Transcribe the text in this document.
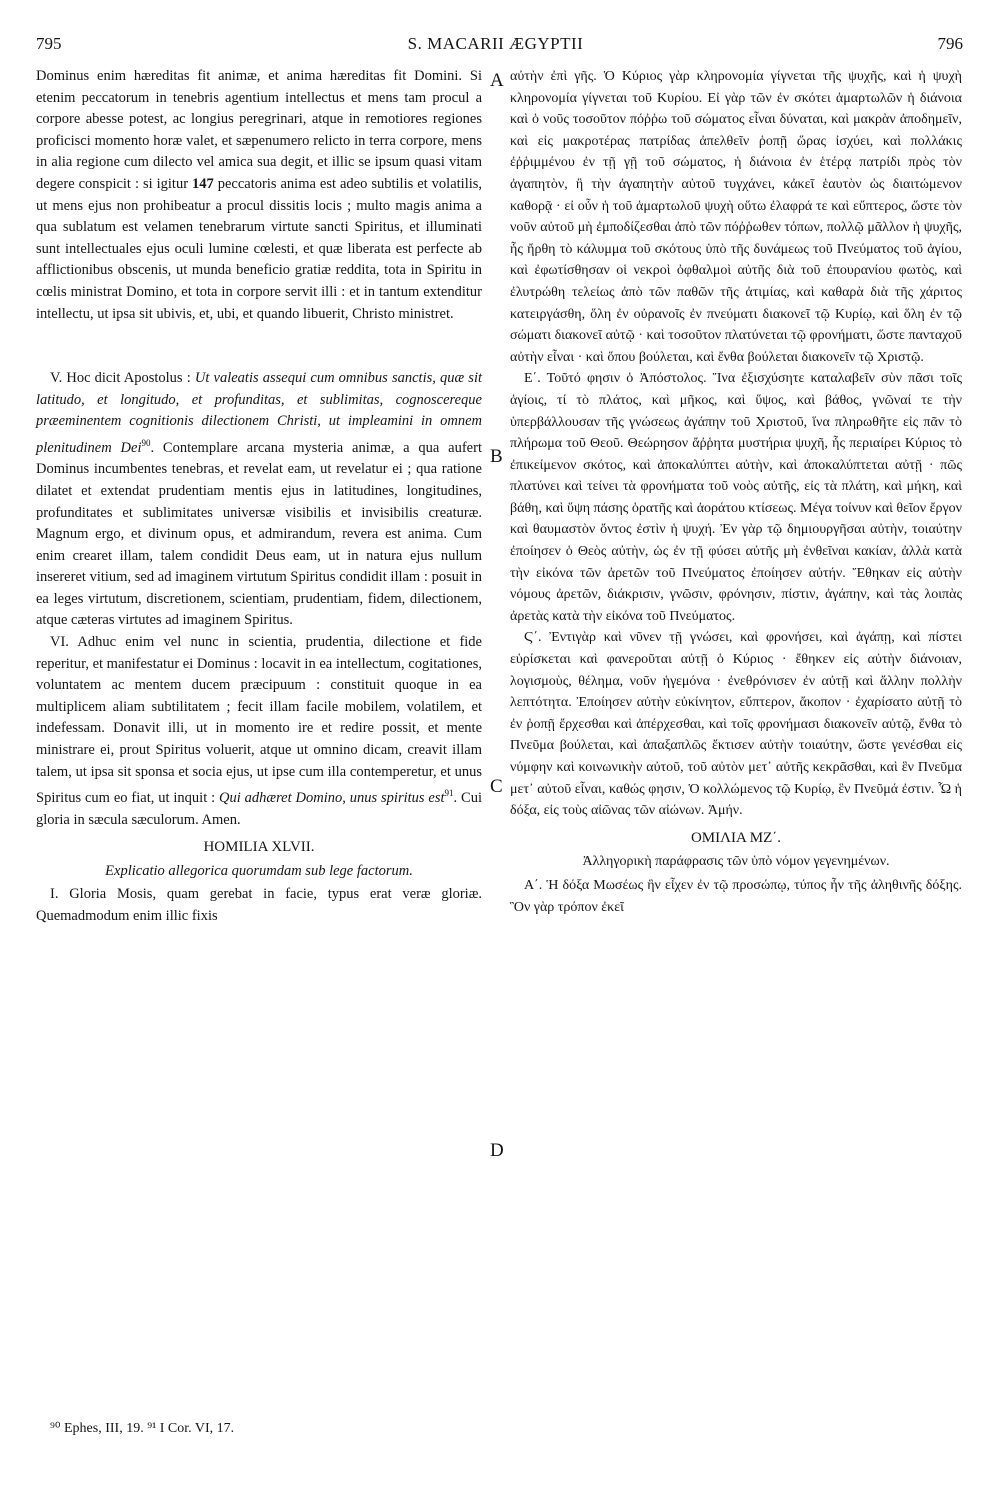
795	S. MACARII ÆGYPTII	796
A
B
C
D

Dominus enim hæreditas fit animæ, et anima hæreditas fit Domini. Si etenim peccatorum in tenebris agentium intellectus et mens tam procul a corpore abesse potest, ac longius peregrinari, atque in remotiores regiones proficisci momento horæ valet, et sæpenumero relicto in terra corpore, mens in alia regione cum dilecto vel amica sua degit, et illic se ipsum quasi vitam degere conspicit : si igitur 147 peccatoris anima est adeo subtilis et volatilis, ut mens ejus non prohibeatur a procul dissitis locis ; multo magis anima a qua sublatum est velamen tenebrarum virtute sancti Spiritus, et illuminati sunt intellectuales ejus oculi lumine cœlesti, et quæ liberata est perfecte ab afflictionibus obscenis, ut munda beneficio gratiæ reddita, tota in Spiritu in cœlis ministrat Domino, et tota in corpore servit illi : et in tantum extenditur intellectu, ut ipsa sit ubivis, et, ubi, et quando libuerit, Christo ministret.

V. Hoc dicit Apostolus : Ut valeatis assequi cum omnibus sanctis, quæ sit latitudo, et longitudo, et profunditas, et sublimitas, cognoscereque præeminentem cognitionis dilectionem Christi, ut impleamini in omnem plenitudinem Dei$^{90}$. Contemplare arcana mysteria animæ, a qua aufert Dominus incumbentes tenebras, et revelat eam, ut revelatur ei ; qua ratione dilatet et extendat prudentiam mentis ejus in latitudines, longitudines, profunditates et sublimitates universæ visibilis et invisibilis creaturæ. Magnum ergo, et divinum opus, et admirandum, revera est anima. Cum enim crearet illam, talem condidit Deus eam, ut in natura ejus nullum insereret vitium, sed ad imaginem virtutum Spiritus condidit illam : posuit in ea leges virtutum, discretionem, scientiam, prudentiam, fidem, dilectionem, atque cæteras virtutes ad imaginem Spiritus.

VI. Adhuc enim vel nunc in scientia, prudentia, dilectione et fide reperitur, et manifestatur ei Dominus : locavit in ea intellectum, cogitationes, voluntatem ac mentem ducem præcipuum : constituit quoque in ea multiplicem aliam subtilitatem ; fecit illam facile mobilem, volatilem, et indefessam. Donavit illi, ut in momento ire et redire possit, et mente ministrare ei, prout Spiritus voluerit, atque ut omnino dicam, creavit illam talem, ut ipsa sit sponsa et socia ejus, ut ipse cum illa contemperetur, et unus Spiritus cum eo fiat, ut inquit : Qui adhæret Domino, unus spiritus est$^{91}$. Cui gloria in sæcula sæculorum. Amen.

HOMILIA XLVII.
Explicatio allegorica quorumdam sub lege factorum.

I. Gloria Mosis, quam gerebat in facie, typus erat veræ gloriæ. Quemadmodum enim illic fixis

αὐτὴν ἐπὶ γῆς. Ὁ Κύριος γὰρ κληρονομία γίγνεται τῆς ψυχῆς, καὶ ἡ ψυχὴ κληρονομία γίγνεται τοῦ Κυρίου. Εἰ γὰρ τῶν ἐν σκότει ἁμαρτωλῶν ἡ διάνοια καὶ ὁ νοῦς τοσοῦτον πόῤῥω τοῦ σώματος εἶναι δύναται, καὶ μακρὰν ἀποδημεῖν, καὶ εἰς μακροτέρας πατρίδας ἀπελθεῖν ῥοπῇ ὥρας ἰσχύει, καὶ πολλάκις ἐῤῥιμμένου ἐν τῇ γῇ τοῦ σώματος, ἡ διάνοια ἐν ἑτέρᾳ πατρίδι πρὸς τὸν ἀγαπητὸν, ἢ τὴν ἀγαπητὴν αὐτοῦ τυγχάνει, κἀκεῖ ἑαυτὸν ὡς διαιτώμενον καθορᾷ · εἰ οὖν ἡ τοῦ ἁμαρτωλοῦ ψυχὴ οὕτω ἐλαφρά τε καὶ εὔπτερος, ὥστε τὸν νοῦν αὐτοῦ μὴ ἐμποδίζεσθαι ἀπὸ τῶν πόῤῥωθεν τόπων, πολλῷ μᾶλλον ἡ ψυχῆς, ἧς ἤρθη τὸ κάλυμμα τοῦ σκότους ὑπὸ τῆς δυνάμεως τοῦ Πνεύματος τοῦ ἁγίου, καὶ ἐφωτίσθησαν οἱ νεκροὶ ὀφθαλμοὶ αὐτῆς διὰ τοῦ ἐπουρανίου φωτὸς, καὶ ἐλυτρώθη τελείως ἀπὸ τῶν παθῶν τῆς ἀτιμίας, καὶ καθαρὰ διὰ τῆς χάριτος κατειργάσθη, ὅλη ἐν οὐρανοῖς ἐν πνεύματι διακονεῖ τῷ Κυρίῳ, καὶ ὅλη ἐν τῷ σώματι διακονεῖ αὐτῷ · καὶ τοσοῦτον πλατύνεται τῷ φρονήματι, ὥστε πανταχοῦ αὐτὴν εἶναι · καὶ ὅπου βούλεται, καὶ ἔνθα βούλεται διακονεῖν τῷ Χριστῷ.

Ε΄. Τοῦτό φησιν ὁ Ἀπόστολος. Ἵνα ἐξισχύσητε καταλαβεῖν σὺν πᾶσι τοῖς ἁγίοις, τί τὸ πλάτος, καὶ μῆκος, καὶ ὕψος, καὶ βάθος, γνῶναί τε τὴν ὑπερβάλλουσαν τῆς γνώσεως ἀγάπην τοῦ Χριστοῦ, ἵνα πληρωθῆτε εἰς πᾶν τὸ πλήρωμα τοῦ Θεοῦ. Θεώρησον ἄῤῥητα μυστήρια ψυχῆ, ἧς περιαίρει Κύριος τὸ ἐπικείμενον σκότος, καὶ ἀποκαλύπτει αὐτὴν, καὶ ἀποκαλύπτεται αὐτῇ · πῶς πλατύνει καὶ τείνει τὰ φρονήματα τοῦ νοὸς αὐτῆς, εἰς τὰ πλάτη, καὶ μήκη, καὶ βάθη, καὶ ὕψη πάσης ὁρατῆς καὶ ἀοράτου κτίσεως. Μέγα τοίνυν καὶ θεῖον ἔργον καὶ θαυμαστὸν ὄντος ἐστὶν ἡ ψυχή. Ἐν γὰρ τῷ δημιουργῆσαι αὐτὴν, τοιαύτην ἐποίησεν ὁ Θεὸς αὐτὴν, ὡς ἐν τῇ φύσει αὐτῆς μὴ ἐνθεῖναι κακίαν, ἀλλὰ κατὰ τὴν εἰκόνα τῶν ἀρετῶν τοῦ Πνεύματος ἐποίησεν αὐτήν. Ἔθηκαν εἰς αὐτὴν νόμους ἀρετῶν, διάκρισιν, γνῶσιν, φρόνησιν, πίστιν, ἀγάπην, καὶ τὰς λοιπὰς ἀρετὰς κατὰ τὴν εἰκόνα τοῦ Πνεύματος.

Ϛ΄. Ἐντιγὰρ καὶ νῦνεν τῇ γνώσει, καὶ φρονήσει, καὶ ἀγάπῃ, καὶ πίστει εὑρίσκεται καὶ φανεροῦται αὐτῇ ὁ Κύριος · ἔθηκεν εἰς αὐτὴν διάνοιαν, λογισμοὺς, θέλημα, νοῦν ἡγεμόνα · ἐνεθρόνισεν ἐν αὐτῇ καὶ ἄλλην πολλὴν λεπτότητα. Ἐποίησεν αὐτὴν εὐκίνητον, εὔπτερον, ἄκοπον · ἐχαρίσατο αὐτῇ τὸ ἐν ῥοπῇ ἔρχεσθαι καὶ ἀπέρχεσθαι, καὶ τοῖς φρονήμασι διακονεῖν αὐτῷ, ἔνθα τὸ Πνεῦμα βούλεται, καὶ ἁπαξαπλῶς ἔκτισεν αὐτὴν τοιαύτην, ὥστε γενέσθαι εἰς νύμφην καὶ κοινωνικὴν αὐτοῦ, τοῦ αὐτὸν μετ᾿ αὐτῆς κεκρᾶσθαι, καὶ ἓν Πνεῦμα μετ᾿ αὐτοῦ εἶναι, καθώς φησιν, Ὁ κολλώμενος τῷ Κυρίῳ, ἓν Πνεῦμά ἐστιν. Ὧ ἡ δόξα, εἰς τοὺς αἰῶνας τῶν αἰώνων. Ἀμήν.

ΟΜΙΛΙΑ ΜΖ΄.
Ἀλληγορικὴ παράφρασις τῶν ὑπὸ νόμον γεγενημένων.

Α΄. Ἡ δόξα Μωσέως ἣν εἶχεν ἐν τῷ προσώπῳ, τύπος ἦν τῆς ἀληθινῆς δόξης. Ὃν γὰρ τρόπον ἐκεῖ

⁹⁰ Ephes, III, 19. ⁹¹ I Cor. VI, 17.
